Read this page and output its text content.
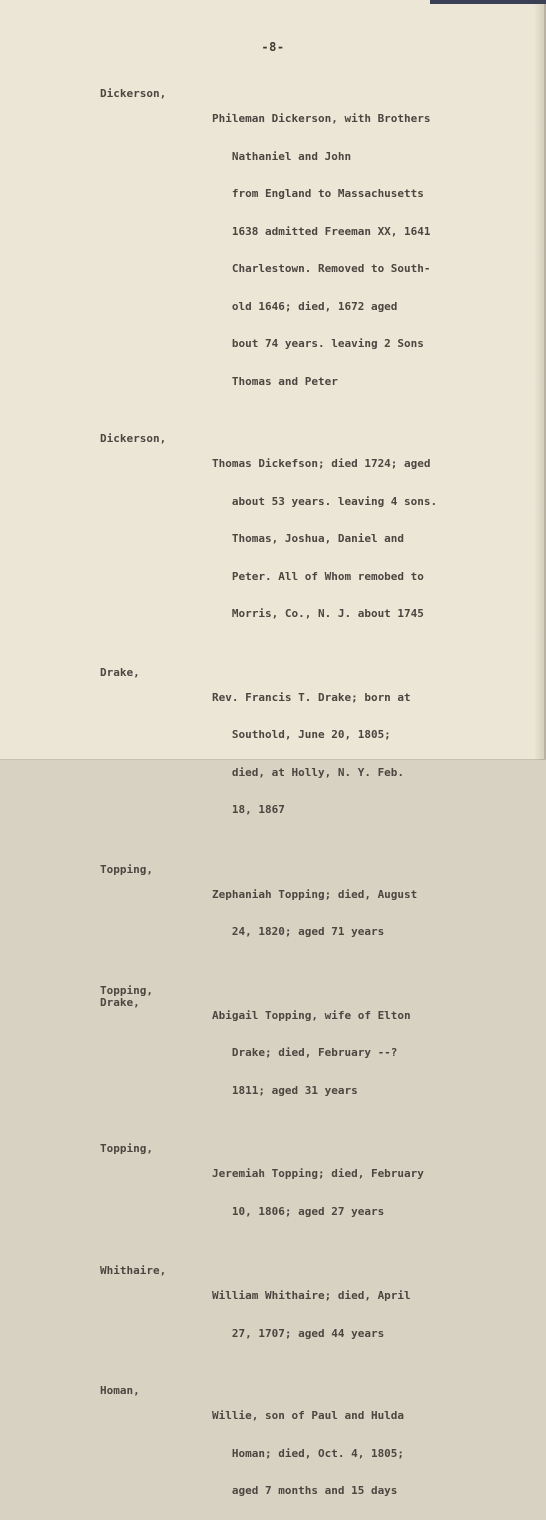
-8-
Dickerson,

Phileman Dickerson, with Brothers

Nathaniel and John

from England to Massachusetts

1638 admitted Freeman XX, 1641

Charlestown. Removed to South-

old 1646; died, 1672 aged

bout 74 years. leaving 2 Sons

Thomas and Peter

Dickerson,

Thomas Dickefson; died 1724; aged

about 53 years. leaving 4 sons.

Thomas, Joshua, Daniel and

Peter. All of Whom remobed to

Morris, Co., N. J. about 1745

Drake,

Rev. Francis T. Drake; born at

Southold, June 20, 1805;

died, at Holly, N. Y. Feb.

18, 1867

Topping,

Zephaniah Topping; died, August

24, 1820; aged 71 years

Topping,
Drake,

Abigail Topping, wife of Elton

Drake; died, February --?

1811; aged 31 years

Topping,

Jeremiah Topping; died, February

10, 1806; aged 27 years

Whithaire,

William Whithaire; died, April

27, 1707; aged 44 years

Homan,

Willie, son of Paul and Hulda

Homan; died, Oct. 4, 1805;

aged 7 months and 15 days
